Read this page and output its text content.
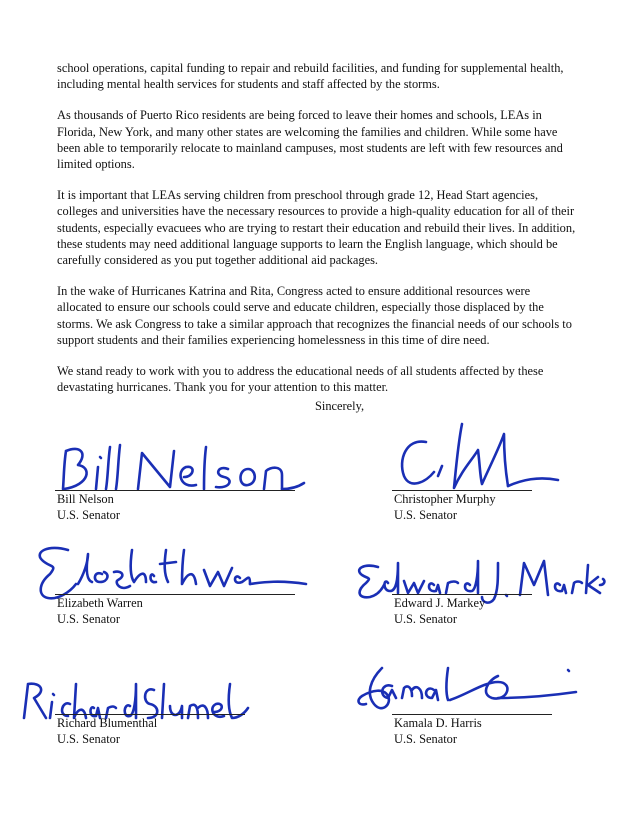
school operations, capital funding to repair and rebuild facilities, and funding for supplemental health, including mental health services for students and staff affected by the storms.

As thousands of Puerto Rico residents are being forced to leave their homes and schools, LEAs in Florida, New York, and many other states are welcoming the families and children. While some have been able to temporarily relocate to mainland campuses, most students are left with few resources and limited options.

It is important that LEAs serving children from preschool through grade 12, Head Start agencies, colleges and universities have the necessary resources to provide a high-quality education for all of their students, especially evacuees who are trying to restart their education and rebuild their lives. In addition, these students may need additional language supports to learn the English language, which should be carefully considered as you put together additional aid packages.

In the wake of Hurricanes Katrina and Rita, Congress acted to ensure additional resources were allocated to ensure our schools could serve and educate children, especially those displaced by the storms. We ask Congress to take a similar approach that recognizes the financial needs of our schools to support students and their families experiencing homelessness in this time of dire need.

We stand ready to work with you to address the educational needs of all students affected by these devastating hurricanes. Thank you for your attention to this matter.

Sincerely,
Bill Nelson
U.S. Senator
Christopher Murphy
U.S. Senator
Elizabeth Warren
U.S. Senator
Edward J. Markey
U.S. Senator
Richard Blumenthal
U.S. Senator
Kamala D. Harris
U.S. Senator
